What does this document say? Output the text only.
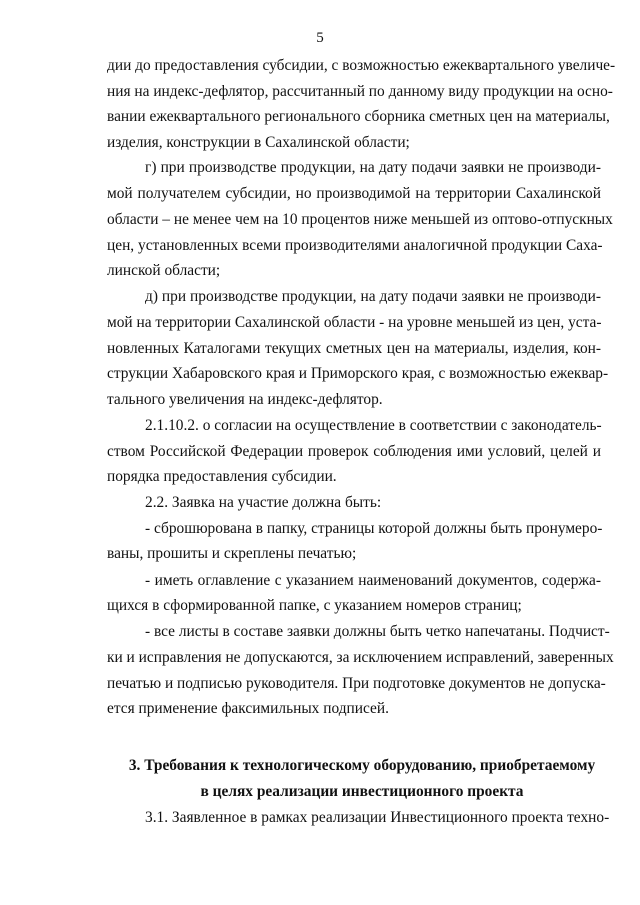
5
дии до предоставления субсидии, с возможностью ежеквартального увеличе-
ния на индекс-дефлятор, рассчитанный по данному виду продукции на осно-
вании ежеквартального регионального сборника сметных цен на материалы,
изделия, конструкции в Сахалинской области;
г) при производстве продукции, на дату подачи заявки не производи-
мой получателем субсидии, но производимой на территории Сахалинской
области – не менее чем на 10 процентов ниже меньшей из оптово-отпускных
цен, установленных всеми производителями аналогичной продукции Саха-
линской области;
д) при производстве продукции, на дату подачи заявки не производи-
мой на территории Сахалинской области - на уровне меньшей из цен, уста-
новленных Каталогами текущих сметных цен на материалы, изделия, кон-
струкции Хабаровского края и Приморского края, с возможностью ежеквар-
тального увеличения на индекс-дефлятор.
2.1.10.2. о согласии на осуществление в соответствии с законодатель-
ством Российской Федерации проверок соблюдения ими условий, целей и
порядка предоставления субсидии.
2.2. Заявка на участие должна быть:
- сброшюрована в папку, страницы которой должны быть пронумеро-
ваны, прошиты и скреплены печатью;
- иметь оглавление с указанием наименований документов, содержа-
щихся в сформированной папке, с указанием номеров страниц;
- все листы в составе заявки должны быть четко напечатаны. Подчист-
ки и исправления не допускаются, за исключением исправлений, заверенных
печатью и подписью руководителя. При подготовке документов не допуска-
ется применение факсимильных подписей.
3. Требования к технологическому оборудованию, приобретаемому
в целях реализации инвестиционного проекта
3.1. Заявленное в рамках реализации Инвестиционного проекта техно-
